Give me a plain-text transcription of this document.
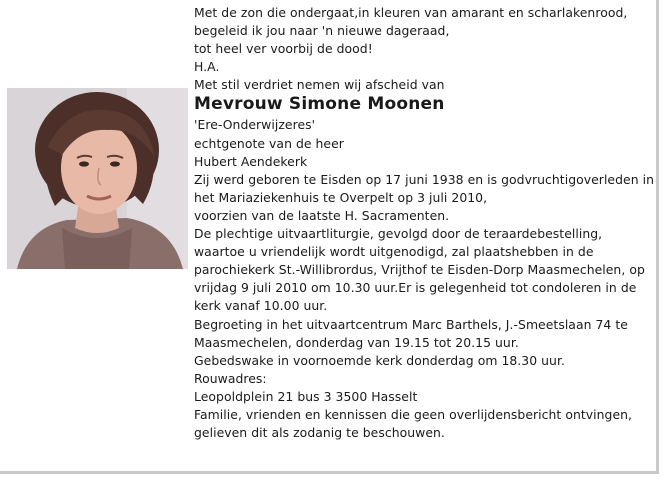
Met de zon die ondergaat,in kleuren van amarant en scharlakenrood,
begeleid ik jou naar 'n nieuwe dageraad,
tot heel ver voorbij de dood!
H.A.
Met stil verdriet nemen wij afscheid van
Mevrouw Simone Moonen
'Ere-Onderwijzeres'
echtgenote van de heer
Hubert Aendekerk
Zij werd geboren te Eisden op 17 juni 1938 en is godvruchtigoverleden in
het Mariaziekenhuis te Overpelt op 3 juli 2010,
voorzien van de laatste H. Sacramenten.
De plechtige uitvaartliturgie, gevolgd door de teraardebestelling,
waartoe u vriendelijk wordt uitgenodigd, zal plaatshebben in de
parochiekerk St.-Willibrordus, Vrijthof te Eisden-Dorp Maasmechelen, op
vrijdag 9 juli 2010 om 10.30 uur.Er is gelegenheid tot condoleren in de
kerk vanaf 10.00 uur.
Begroeting in het uitvaartcentrum Marc Barthels, J.-Smeetslaan 74 te
Maasmechelen, donderdag van 19.15 tot 20.15 uur.
Gebedswake in voornoemde kerk donderdag om 18.30 uur.
Rouwadres:
Leopoldplein 21 bus 3 3500 Hasselt
Familie, vrienden en kennissen die geen overlijdensbericht ontvingen,
gelieven dit als zodanig te beschouwen.
